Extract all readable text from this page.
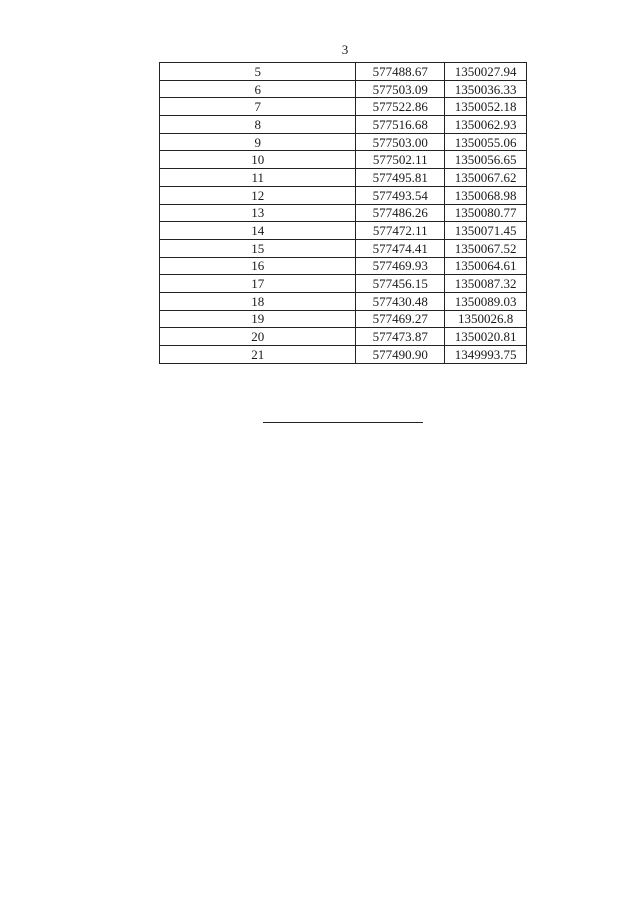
3
5	577488.67	1350027.94
6	577503.09	1350036.33
7	577522.86	1350052.18
8	577516.68	1350062.93
9	577503.00	1350055.06
10	577502.11	1350056.65
11	577495.81	1350067.62
12	577493.54	1350068.98
13	577486.26	1350080.77
14	577472.11	1350071.45
15	577474.41	1350067.52
16	577469.93	1350064.61
17	577456.15	1350087.32
18	577430.48	1350089.03
19	577469.27	1350026.8
20	577473.87	1350020.81
21	577490.90	1349993.75
